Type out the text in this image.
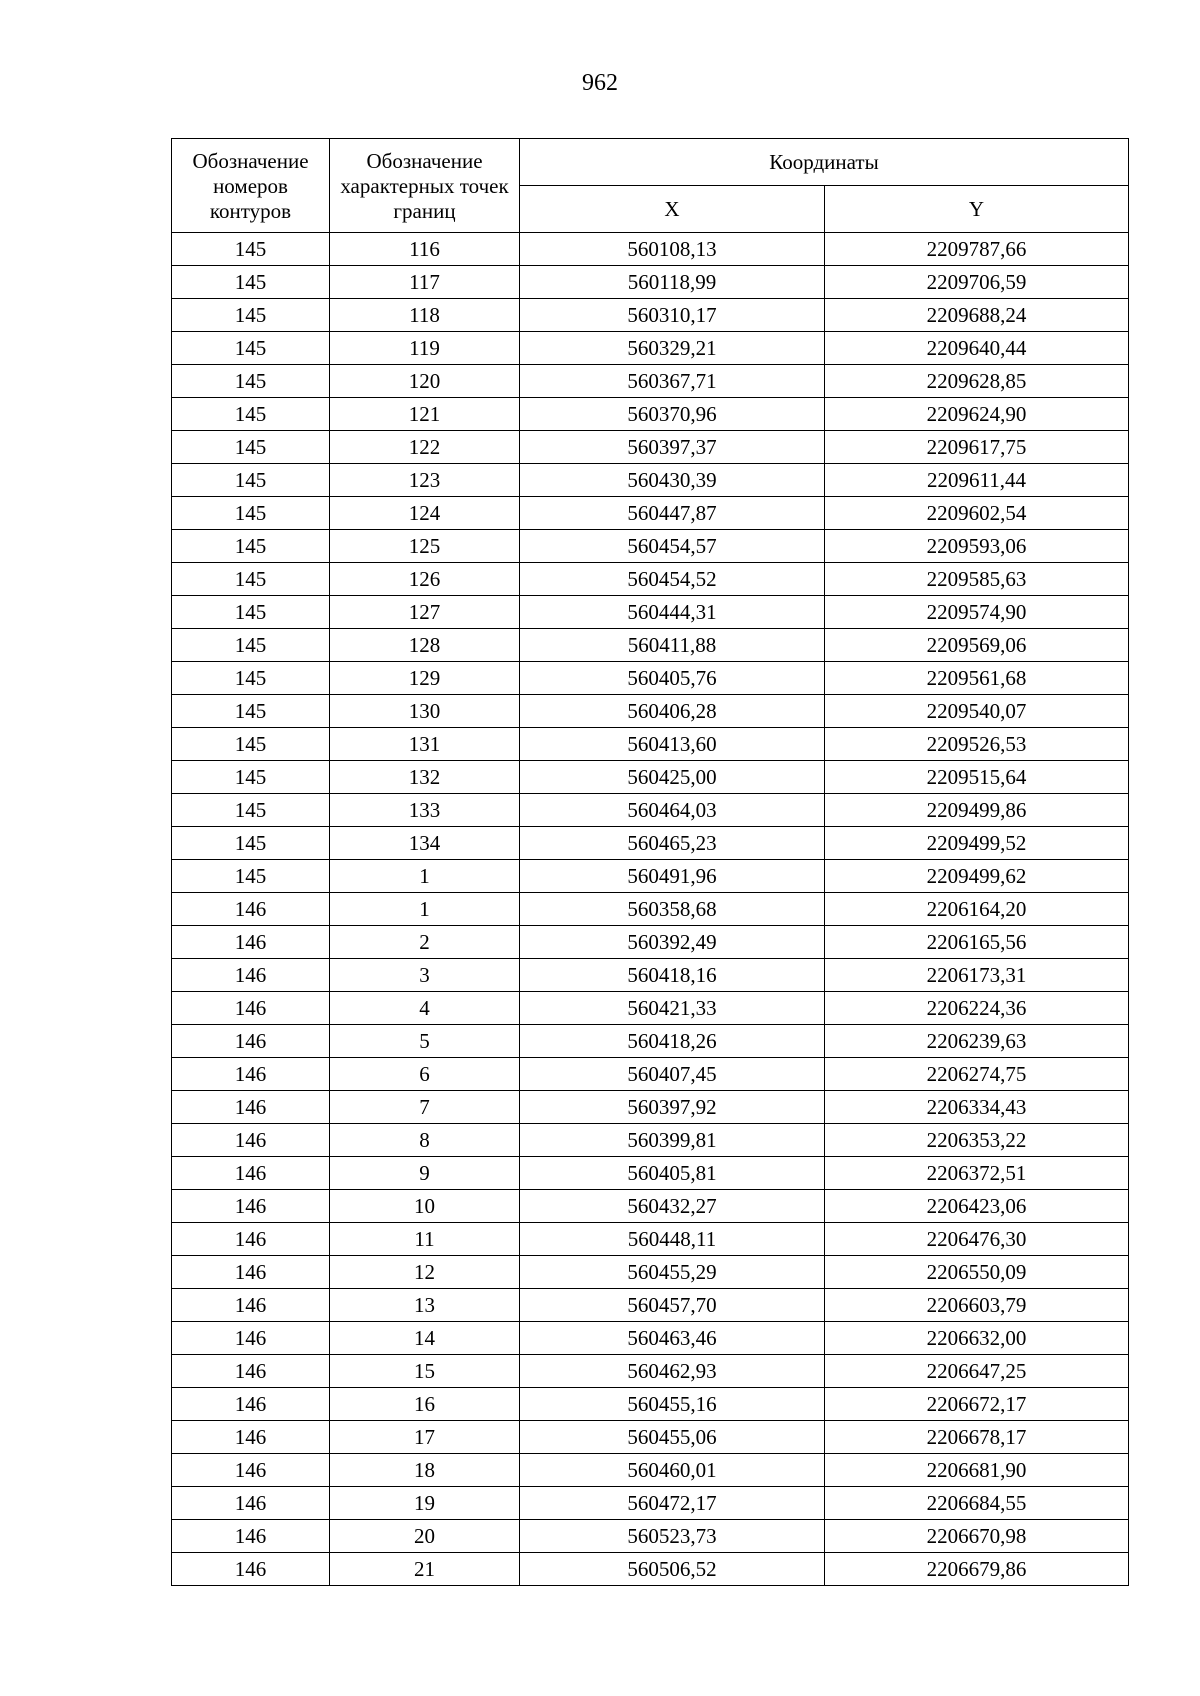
962
Обозначение номеров контуров	Обозначение характерных точек границ	Координаты	
		X	Y
145	116	560108,13	2209787,66
145	117	560118,99	2209706,59
145	118	560310,17	2209688,24
145	119	560329,21	2209640,44
145	120	560367,71	2209628,85
145	121	560370,96	2209624,90
145	122	560397,37	2209617,75
145	123	560430,39	2209611,44
145	124	560447,87	2209602,54
145	125	560454,57	2209593,06
145	126	560454,52	2209585,63
145	127	560444,31	2209574,90
145	128	560411,88	2209569,06
145	129	560405,76	2209561,68
145	130	560406,28	2209540,07
145	131	560413,60	2209526,53
145	132	560425,00	2209515,64
145	133	560464,03	2209499,86
145	134	560465,23	2209499,52
145	1	560491,96	2209499,62
146	1	560358,68	2206164,20
146	2	560392,49	2206165,56
146	3	560418,16	2206173,31
146	4	560421,33	2206224,36
146	5	560418,26	2206239,63
146	6	560407,45	2206274,75
146	7	560397,92	2206334,43
146	8	560399,81	2206353,22
146	9	560405,81	2206372,51
146	10	560432,27	2206423,06
146	11	560448,11	2206476,30
146	12	560455,29	2206550,09
146	13	560457,70	2206603,79
146	14	560463,46	2206632,00
146	15	560462,93	2206647,25
146	16	560455,16	2206672,17
146	17	560455,06	2206678,17
146	18	560460,01	2206681,90
146	19	560472,17	2206684,55
146	20	560523,73	2206670,98
146	21	560506,52	2206679,86
